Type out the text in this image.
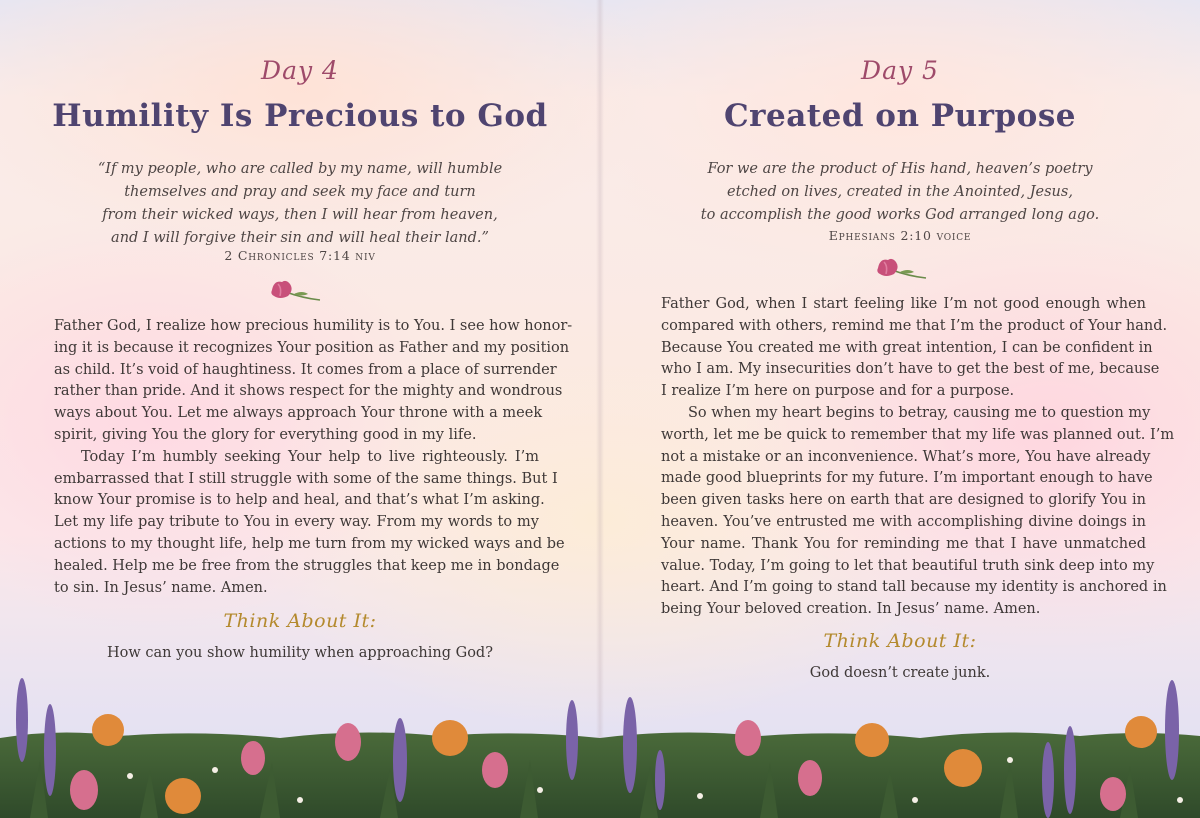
Day 4
Humility Is Precious to God
“If my people, who are called by my name, will humble
themselves and pray and seek my face and turn
from their wicked ways, then I will hear from heaven,
and I will forgive their sin and will heal their land.”
2 Chronicles 7:14 niv
Father God, I realize how precious humility is to You. I see how honor-
ing it is because it recognizes Your position as Father and my position
as child. It’s void of haughtiness. It comes from a place of surrender
rather than pride. And it shows respect for the mighty and wondrous
ways about You. Let me always approach Your throne with a meek
spirit, giving You the glory for everything good in my life.
Today I’m humbly seeking Your help to live righteously. I’m
embarrassed that I still struggle with some of the same things. But I
know Your promise is to help and heal, and that’s what I’m asking.
Let my life pay tribute to You in every way. From my words to my
actions to my thought life, help me turn from my wicked ways and be
healed. Help me be free from the struggles that keep me in bondage
to sin. In Jesus’ name. Amen.
Think About It:
How can you show humility when approaching God?
Day 5
Created on Purpose
For we are the product of His hand, heaven’s poetry
etched on lives, created in the Anointed, Jesus,
to accomplish the good works God arranged long ago.
Ephesians 2:10 voice
Father God, when I start feeling like I’m not good enough when
compared with others, remind me that I’m the product of Your hand.
Because You created me with great intention, I can be confident in
who I am. My insecurities don’t have to get the best of me, because
I realize I’m here on purpose and for a purpose.
So when my heart begins to betray, causing me to question my
worth, let me be quick to remember that my life was planned out. I’m
not a mistake or an inconvenience. What’s more, You have already
made good blueprints for my future. I’m important enough to have
been given tasks here on earth that are designed to glorify You in
heaven. You’ve entrusted me with accomplishing divine doings in
Your name. Thank You for reminding me that I have unmatched
value. Today, I’m going to let that beautiful truth sink deep into my
heart. And I’m going to stand tall because my identity is anchored in
being Your beloved creation. In Jesus’ name. Amen.
Think About It:
God doesn’t create junk.
